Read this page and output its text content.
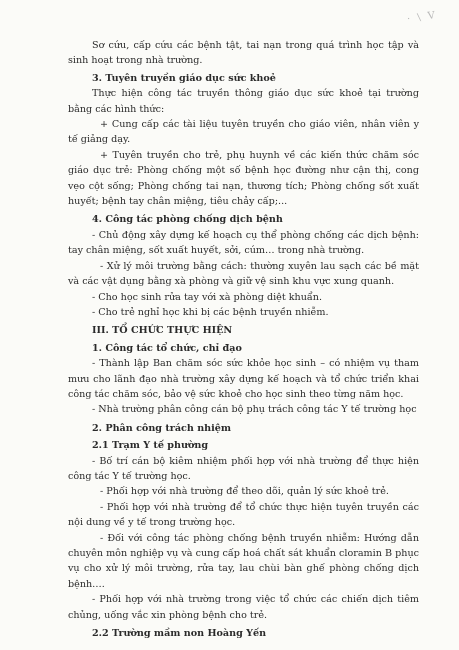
· \ V

Sơ cứu, cấp cứu các bệnh tật, tai nạn trong quá trình học tập và sinh hoạt trong nhà trường.

3. Tuyên truyền giáo dục sức khoẻ

Thực hiện công tác truyền thông giáo dục sức khoẻ tại trường bằng các hình thức:

+ Cung cấp các tài liệu tuyên truyền cho giáo viên, nhân viên y tế giảng dạy.

+ Tuyên truyền cho trẻ, phụ huynh về các kiến thức chăm sóc giáo dục trẻ: Phòng chống một số bệnh học đường như cận thị, cong vẹo cột sống; Phòng chống tai nạn, thương tích; Phòng chống sốt xuất huyết; bệnh tay chân miệng, tiêu chảy cấp;...

4. Công tác phòng chống dịch bệnh

- Chủ động xây dựng kế hoạch cụ thể phòng chống các dịch bệnh: tay chân miệng, sốt xuất huyết, sởi, cúm… trong nhà trường.

- Xử lý môi trường bằng cách: thường xuyên lau sạch các bề mặt và các vật dụng bằng xà phòng và giữ vệ sinh khu vực xung quanh.

- Cho học sinh rửa tay với xà phòng diệt khuẩn.

- Cho trẻ nghỉ học khi bị các bệnh truyền nhiễm.

III. TỔ CHỨC THỰC HIỆN

1. Công tác tổ chức, chỉ đạo

- Thành lập Ban chăm sóc sức khỏe học sinh – có nhiệm vụ tham mưu cho lãnh đạo nhà trường xây dựng kế hoạch và tổ chức triển khai công tác chăm sóc, bảo vệ sức khoẻ cho học sinh theo từng năm học.

- Nhà trường phân công cán bộ phụ trách công tác Y tế trường học

2. Phân công trách nhiệm

2.1 Trạm Y tế phường

- Bố trí cán bộ kiêm nhiệm phối hợp với nhà trường để thực hiện công tác Y tế trường học.

- Phối hợp với nhà trường để theo dõi, quản lý sức khoẻ trẻ.

- Phối hợp với nhà trường để tổ chức thực hiện tuyên truyền các nội dung về y tế trong trường học.

- Đối với công tác phòng chống bệnh truyền nhiễm: Hướng dẫn chuyên môn nghiệp vụ và cung cấp hoá chất sát khuẩn cloramin B phục vụ cho xử lý môi trường, rửa tay, lau chùi bàn ghế phòng chống dịch bệnh….

- Phối hợp với nhà trường trong việc tổ chức các chiến dịch tiêm chủng, uống vắc xin phòng bệnh cho trẻ.

2.2 Trường mầm non Hoàng Yến
